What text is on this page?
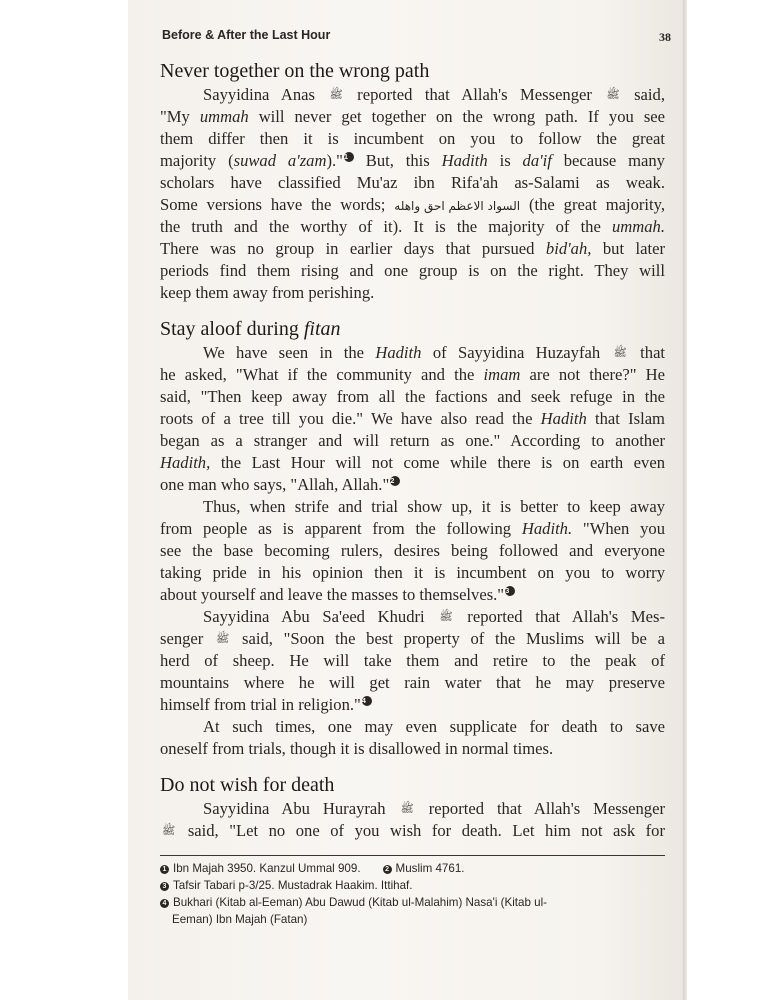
Before & After the Last Hour	38
Never together on the wrong path
Sayyidina Anas ﷺ reported that Allah's Messenger ﷺ said,
"My ummah will never get together on the wrong path. If you see
them differ then it is incumbent on you to follow the great
majority (suwad a'zam)."1 But, this Hadith is da'if because many
scholars have classified Mu'az ibn Rifa'ah as-Salami as weak.
Some versions have the words; السواد الاعظم احق واهله (the great majority,
the truth and the worthy of it). It is the majority of the ummah.
There was no group in earlier days that pursued bid'ah, but later
periods find them rising and one group is on the right. They will
keep them away from perishing.
Stay aloof during fitan
We have seen in the Hadith of Sayyidina Huzayfah ﷺ that
he asked, "What if the community and the imam are not there?" He
said, "Then keep away from all the factions and seek refuge in the
roots of a tree till you die." We have also read the Hadith that Islam
began as a stranger and will return as one." According to another
Hadith, the Last Hour will not come while there is on earth even
one man who says, "Allah, Allah."2
Thus, when strife and trial show up, it is better to keep away
from people as is apparent from the following Hadith. "When you
see the base becoming rulers, desires being followed and everyone
taking pride in his opinion then it is incumbent on you to worry
about yourself and leave the masses to themselves."3
Sayyidina Abu Sa'eed Khudri ﷺ reported that Allah's Mes-
senger ﷺ said, "Soon the best property of the Muslims will be a
herd of sheep. He will take them and retire to the peak of
mountains where he will get rain water that he may preserve
himself from trial in religion."4
At such times, one may even supplicate for death to save
oneself from trials, though it is disallowed in normal times.
Do not wish for death
Sayyidina Abu Hurayrah ﷺ reported that Allah's Messenger
ﷺ said, "Let no one of you wish for death. Let him not ask for
1 Ibn Majah 3950. Kanzul Ummal 909.	2 Muslim 4761.
3 Tafsir Tabari p-3/25. Mustadrak Haakim. Ittihaf.
4 Bukhari (Kitab al-Eeman) Abu Dawud (Kitab ul-Malahim) Nasa'i (Kitab ul-
Eeman) Ibn Majah (Fatan)
